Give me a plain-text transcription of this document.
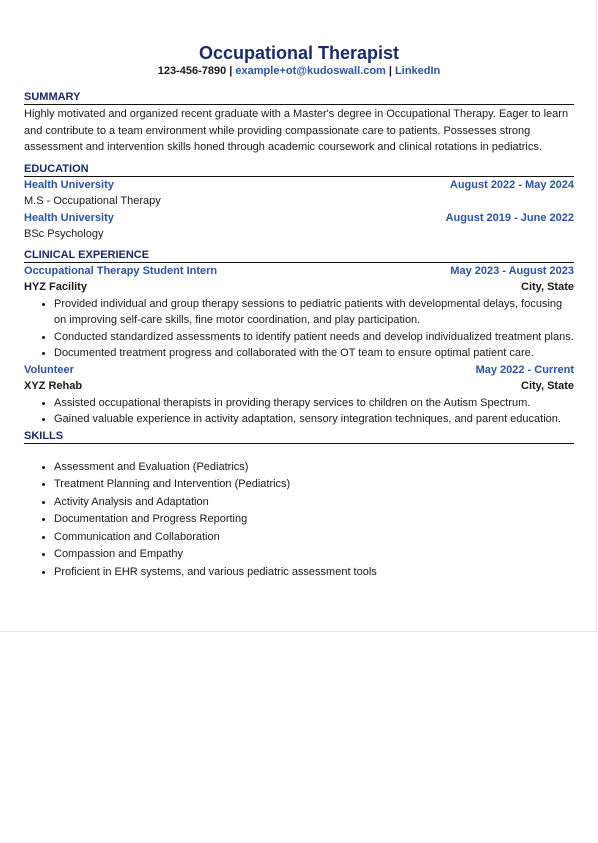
Occupational Therapist
123-456-7890 | example+ot@kudoswall.com | LinkedIn
SUMMARY
Highly motivated and organized recent graduate with a Master's degree in Occupational Therapy. Eager to learn and contribute to a team environment while providing compassionate care to patients. Possesses strong assessment and intervention skills honed through academic coursework and clinical rotations in pediatrics.
EDUCATION
Health University	August 2022 - May 2024
M.S - Occupational Therapy
Health University	August 2019 - June 2022
BSc Psychology
CLINICAL EXPERIENCE
Occupational Therapy Student Intern	May 2023 - August 2023
HYZ Facility	City, State
• Provided individual and group therapy sessions to pediatric patients with developmental delays, focusing on improving self-care skills, fine motor coordination, and play participation.
• Conducted standardized assessments to identify patient needs and develop individualized treatment plans.
• Documented treatment progress and collaborated with the OT team to ensure optimal patient care.
Volunteer	May 2022 - Current
XYZ Rehab	City, State
• Assisted occupational therapists in providing therapy services to children on the Autism Spectrum.
• Gained valuable experience in activity adaptation, sensory integration techniques, and parent education.
SKILLS
• Assessment and Evaluation (Pediatrics)
• Treatment Planning and Intervention (Pediatrics)
• Activity Analysis and Adaptation
• Documentation and Progress Reporting
• Communication and Collaboration
• Compassion and Empathy
• Proficient in EHR systems, and various pediatric assessment tools
